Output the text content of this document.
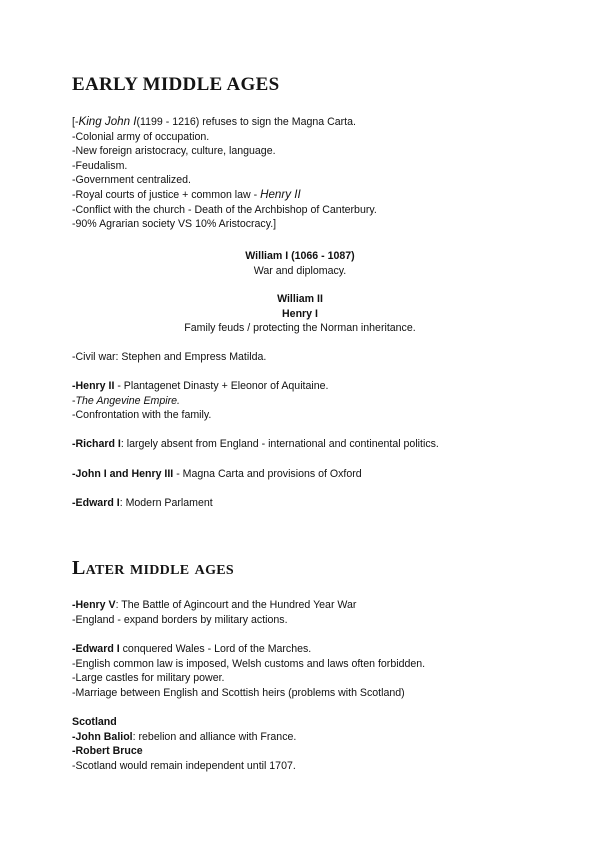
EARLY MIDDLE AGES
[-King John I(1199 - 1216) refuses to sign the Magna Carta.
-Colonial army of occupation.
-New foreign aristocracy, culture, language.
-Feudalism.
-Government centralized.
-Royal courts of justice + common law - Henry II
-Conflict with the church - Death of the Archbishop of Canterbury.
-90% Agrarian society VS 10% Aristocracy.]
William I (1066 - 1087)
War and diplomacy.
William II
Henry I
Family feuds / protecting the Norman inheritance.
-Civil war: Stephen and Empress Matilda.
-Henry II - Plantagenet Dinasty + Eleonor of Aquitaine.
-The Angevine Empire.
-Confrontation with the family.
-Richard I: largely absent from England - international and continental politics.
-John I and Henry III - Magna Carta and provisions of Oxford
-Edward I: Modern Parlament
Later middle ages
-Henry V: The Battle of Agincourt and the Hundred Year War
-England - expand borders by military actions.
-Edward I conquered Wales - Lord of the Marches.
-English common law is imposed, Welsh customs and laws often forbidden.
-Large castles for military power.
-Marriage between English and Scottish heirs (problems with Scotland)
Scotland
-John Baliol: rebelion and alliance with France.
-Robert Bruce
-Scotland would remain independent until 1707.
